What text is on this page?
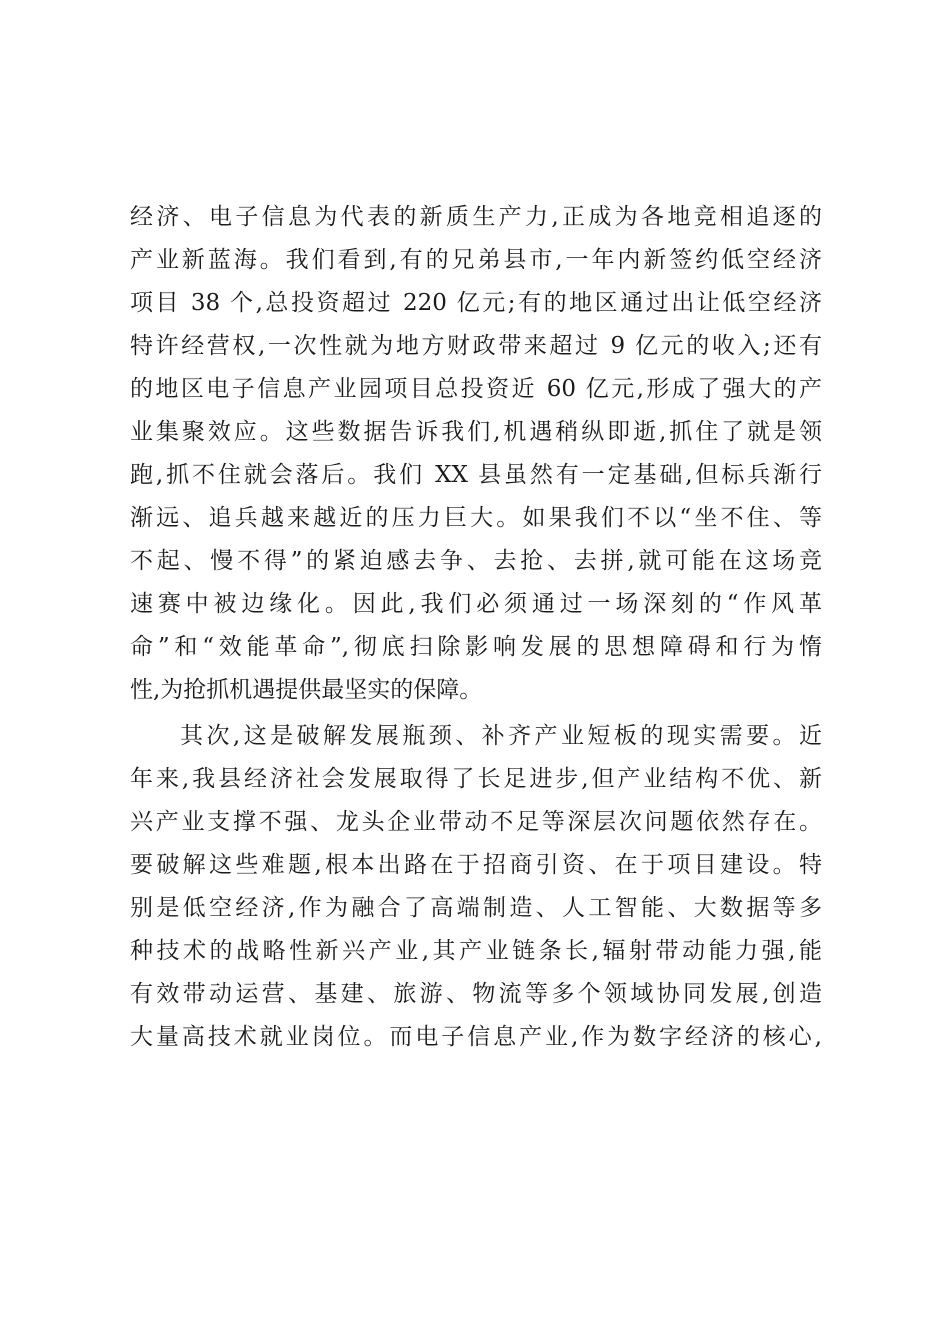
经济、电子信息为代表的新质生产力,正成为各地竞相追逐的
产业新蓝海。我们看到,有的兄弟县市,一年内新签约低空经济
项目 38 个,总投资超过 220 亿元;有的地区通过出让低空经济
特许经营权,一次性就为地方财政带来超过 9 亿元的收入;还有
的地区电子信息产业园项目总投资近 60 亿元,形成了强大的产
业集聚效应。这些数据告诉我们,机遇稍纵即逝,抓住了就是领
跑,抓不住就会落后。我们 XX 县虽然有一定基础,但标兵渐行
渐远、追兵越来越近的压力巨大。如果我们不以“坐不住、等
不起、慢不得”的紧迫感去争、去抢、去拼,就可能在这场竞
速赛中被边缘化。因此,我们必须通过一场深刻的“作风革
命”和“效能革命”,彻底扫除影响发展的思想障碍和行为惰
性,为抢抓机遇提供最坚实的保障。
其次,这是破解发展瓶颈、补齐产业短板的现实需要。近
年来,我县经济社会发展取得了长足进步,但产业结构不优、新
兴产业支撑不强、龙头企业带动不足等深层次问题依然存在。
要破解这些难题,根本出路在于招商引资、在于项目建设。特
别是低空经济,作为融合了高端制造、人工智能、大数据等多
种技术的战略性新兴产业,其产业链条长,辐射带动能力强,能
有效带动运营、基建、旅游、物流等多个领域协同发展,创造
大量高技术就业岗位。而电子信息产业,作为数字经济的核心,
